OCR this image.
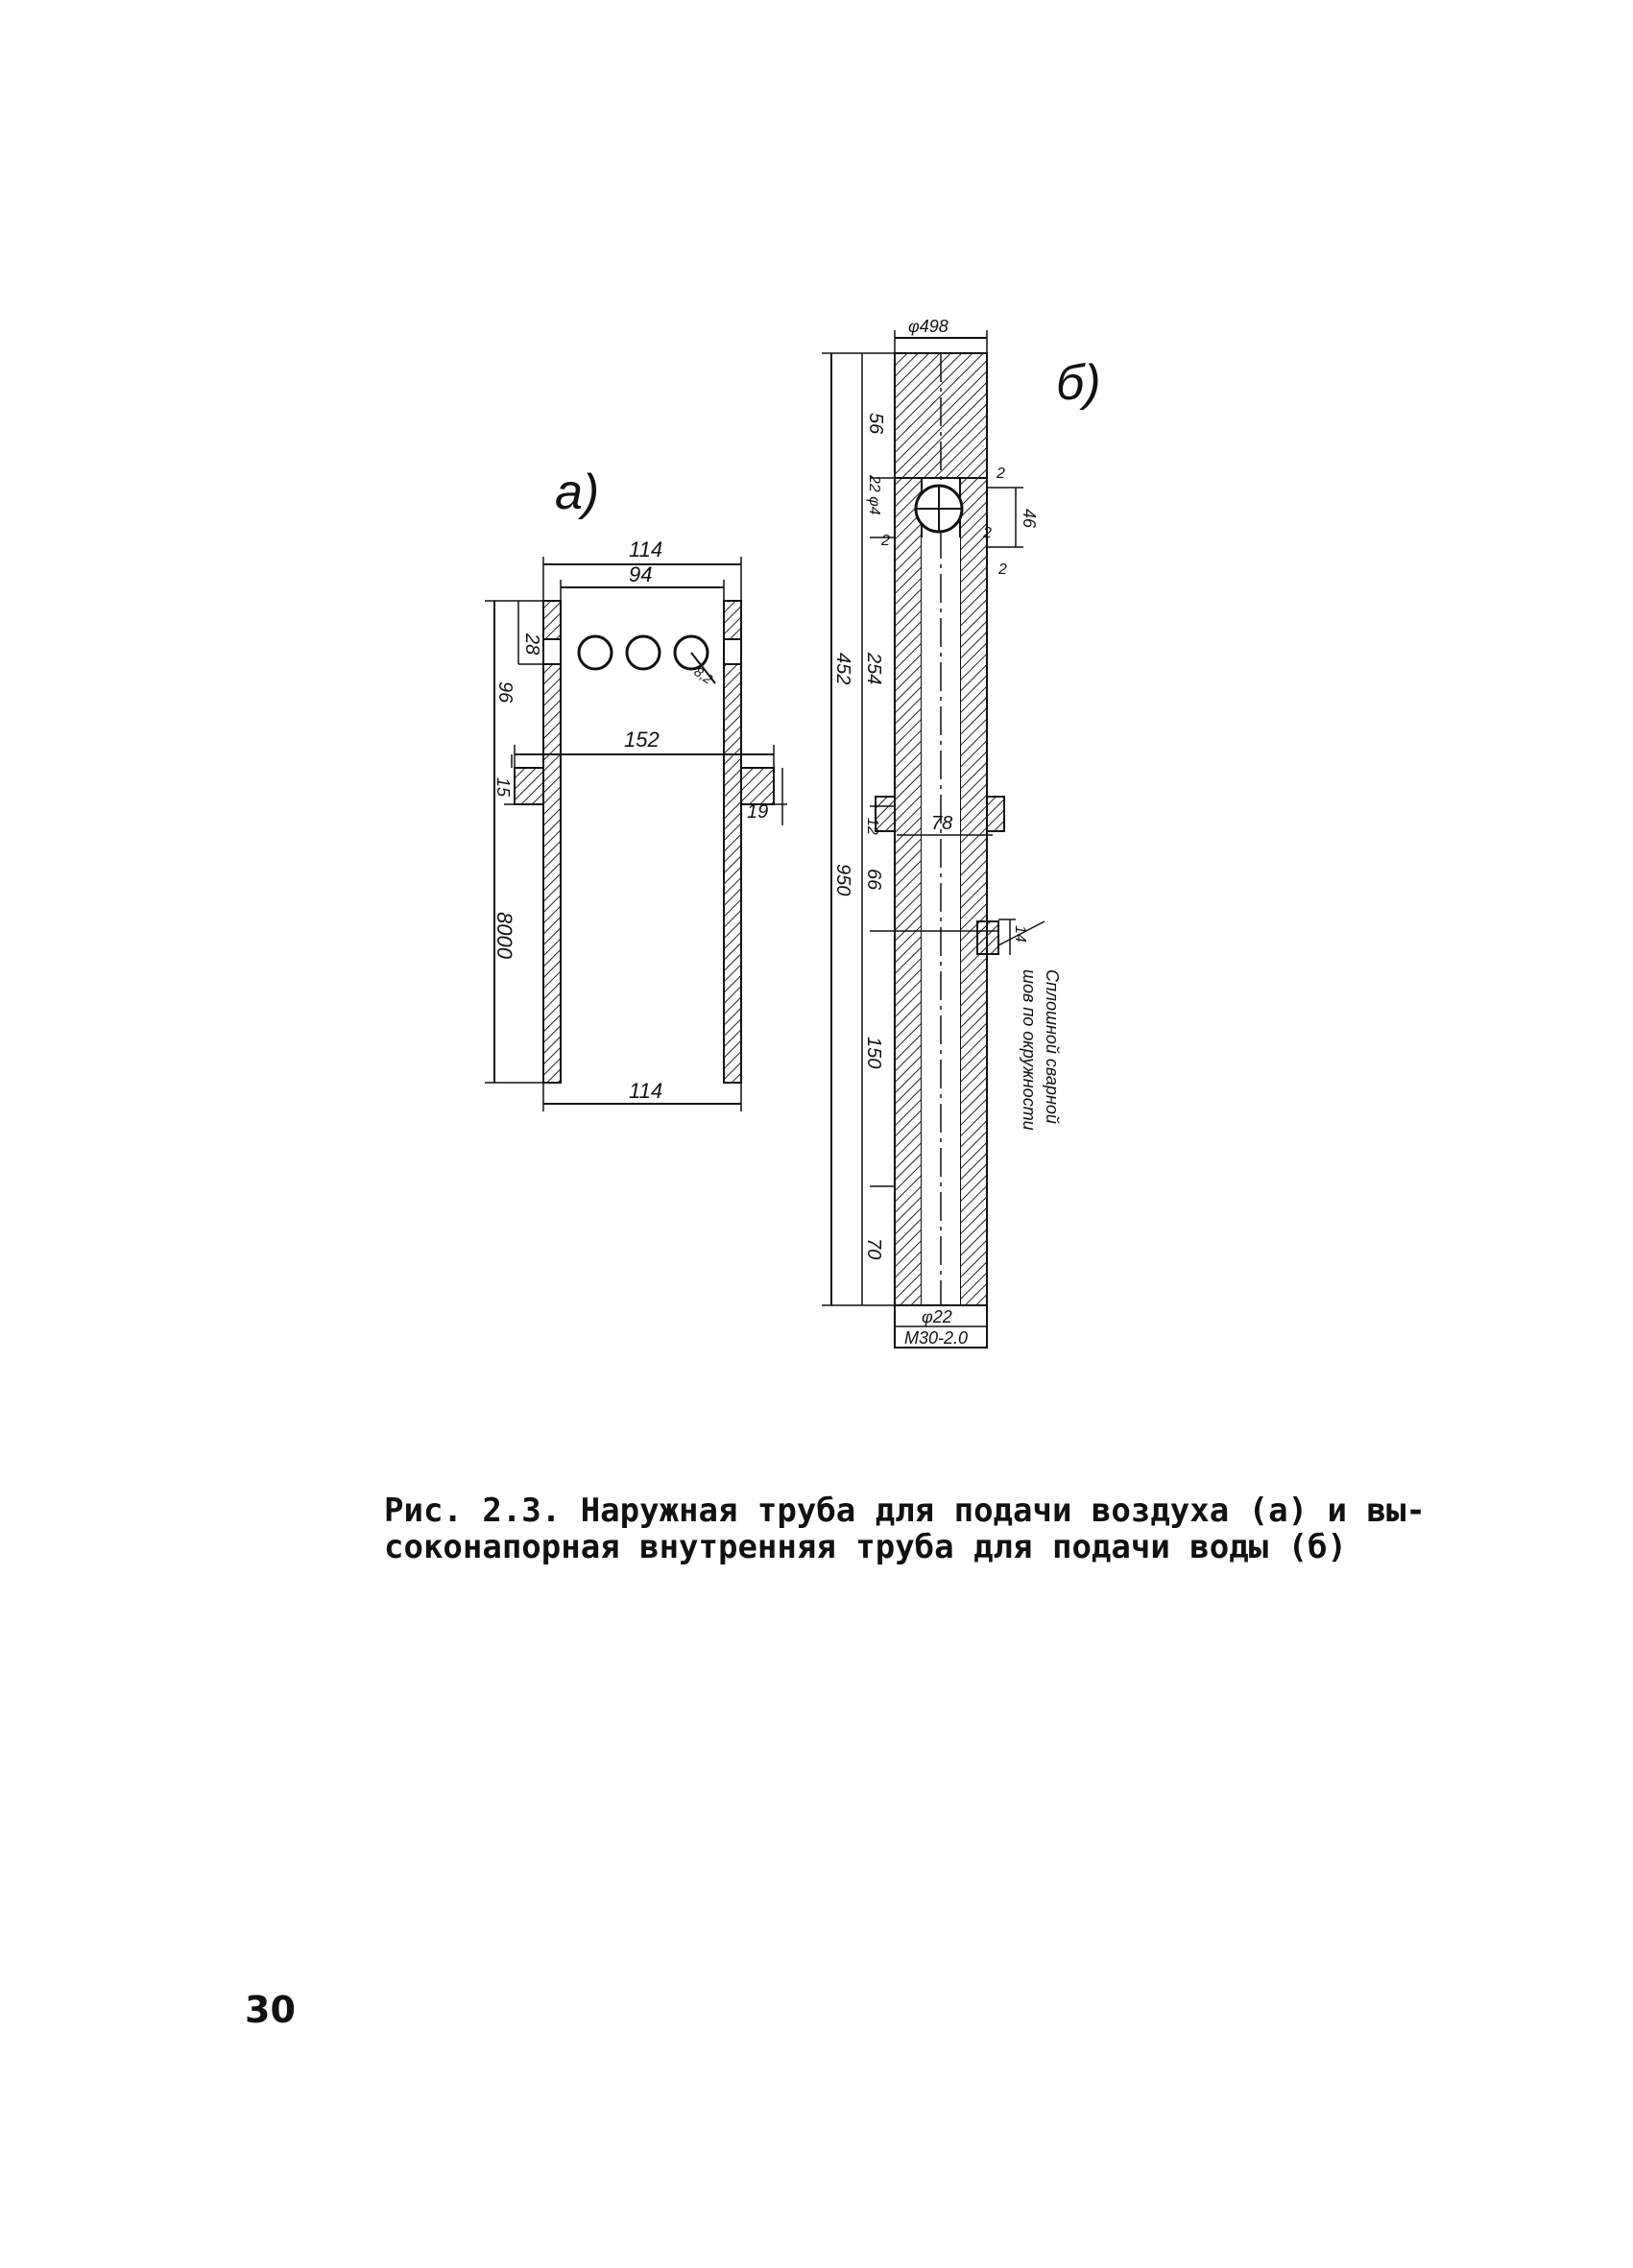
а)
114
94
28
96
152
15
19
8000
114
8,2
б)
φ498
56
22 φ4
2
2
46
2
2
452 254
950
78
12
66
14
150
70
φ22
M30-2.0
Сплошной сварной
шов по окружности
Рис. 2.3. Наружная труба для подачи воздуха (а) и вы-
соконапорная внутренняя труба для подачи воды (б)
30
